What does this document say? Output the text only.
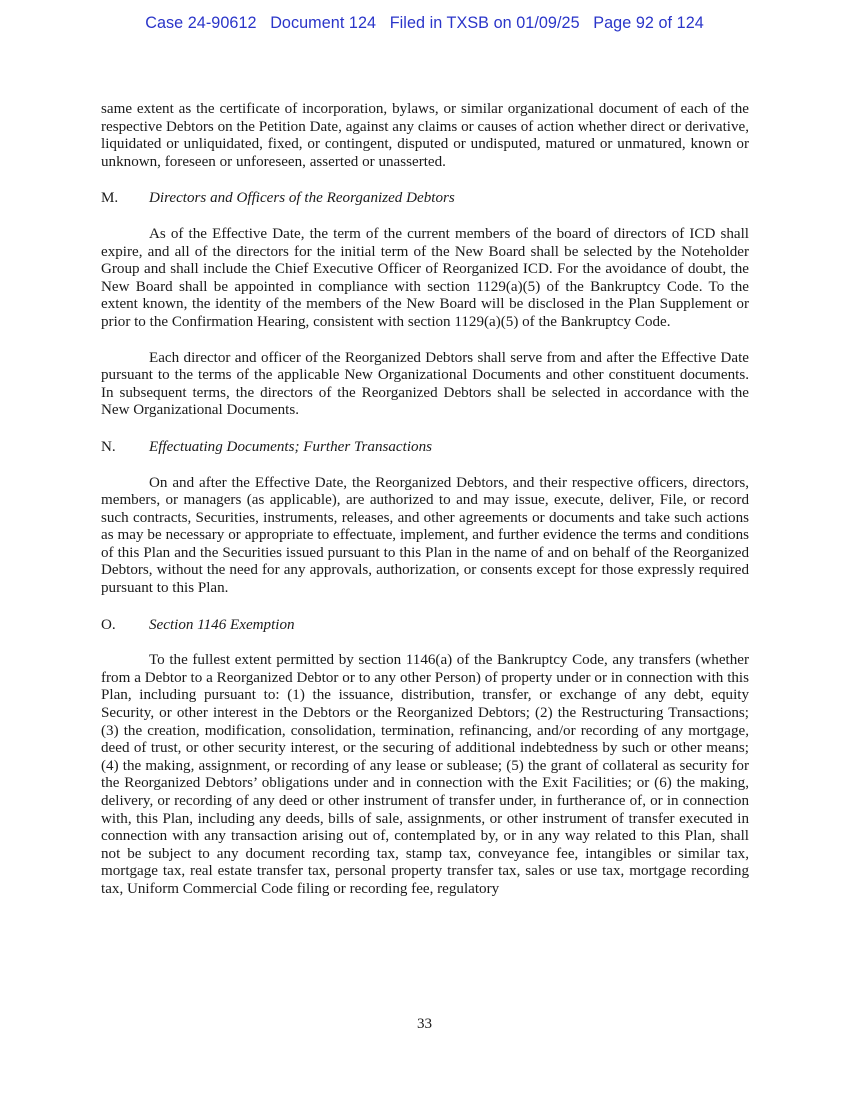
Case 24-90612   Document 124   Filed in TXSB on 01/09/25   Page 92 of 124

same extent as the certificate of incorporation, bylaws, or similar organizational document of each of the respective Debtors on the Petition Date, against any claims or causes of action whether direct or derivative, liquidated or unliquidated, fixed, or contingent, disputed or undisputed, matured or unmatured, known or unknown, foreseen or unforeseen, asserted or unasserted.

M.	Directors and Officers of the Reorganized Debtors

As of the Effective Date, the term of the current members of the board of directors of ICD shall expire, and all of the directors for the initial term of the New Board shall be selected by the Noteholder Group and shall include the Chief Executive Officer of Reorganized ICD. For the avoidance of doubt, the New Board shall be appointed in compliance with section 1129(a)(5) of the Bankruptcy Code. To the extent known, the identity of the members of the New Board will be disclosed in the Plan Supplement or prior to the Confirmation Hearing, consistent with section 1129(a)(5) of the Bankruptcy Code.

Each director and officer of the Reorganized Debtors shall serve from and after the Effective Date pursuant to the terms of the applicable New Organizational Documents and other constituent documents. In subsequent terms, the directors of the Reorganized Debtors shall be selected in accordance with the New Organizational Documents.

N.	Effectuating Documents; Further Transactions

On and after the Effective Date, the Reorganized Debtors, and their respective officers, directors, members, or managers (as applicable), are authorized to and may issue, execute, deliver, File, or record such contracts, Securities, instruments, releases, and other agreements or documents and take such actions as may be necessary or appropriate to effectuate, implement, and further evidence the terms and conditions of this Plan and the Securities issued pursuant to this Plan in the name of and on behalf of the Reorganized Debtors, without the need for any approvals, authorization, or consents except for those expressly required pursuant to this Plan.

O.	Section 1146 Exemption

To the fullest extent permitted by section 1146(a) of the Bankruptcy Code, any transfers (whether from a Debtor to a Reorganized Debtor or to any other Person) of property under or in connection with this Plan, including pursuant to: (1) the issuance, distribution, transfer, or exchange of any debt, equity Security, or other interest in the Debtors or the Reorganized Debtors; (2) the Restructuring Transactions; (3) the creation, modification, consolidation, termination, refinancing, and/or recording of any mortgage, deed of trust, or other security interest, or the securing of additional indebtedness by such or other means; (4) the making, assignment, or recording of any lease or sublease; (5) the grant of collateral as security for the Reorganized Debtors’ obligations under and in connection with the Exit Facilities; or (6) the making, delivery, or recording of any deed or other instrument of transfer under, in furtherance of, or in connection with, this Plan, including any deeds, bills of sale, assignments, or other instrument of transfer executed in connection with any transaction arising out of, contemplated by, or in any way related to this Plan, shall not be subject to any document recording tax, stamp tax, conveyance fee, intangibles or similar tax, mortgage tax, real estate transfer tax, personal property transfer tax, sales or use tax, mortgage recording tax, Uniform Commercial Code filing or recording fee, regulatory

33
